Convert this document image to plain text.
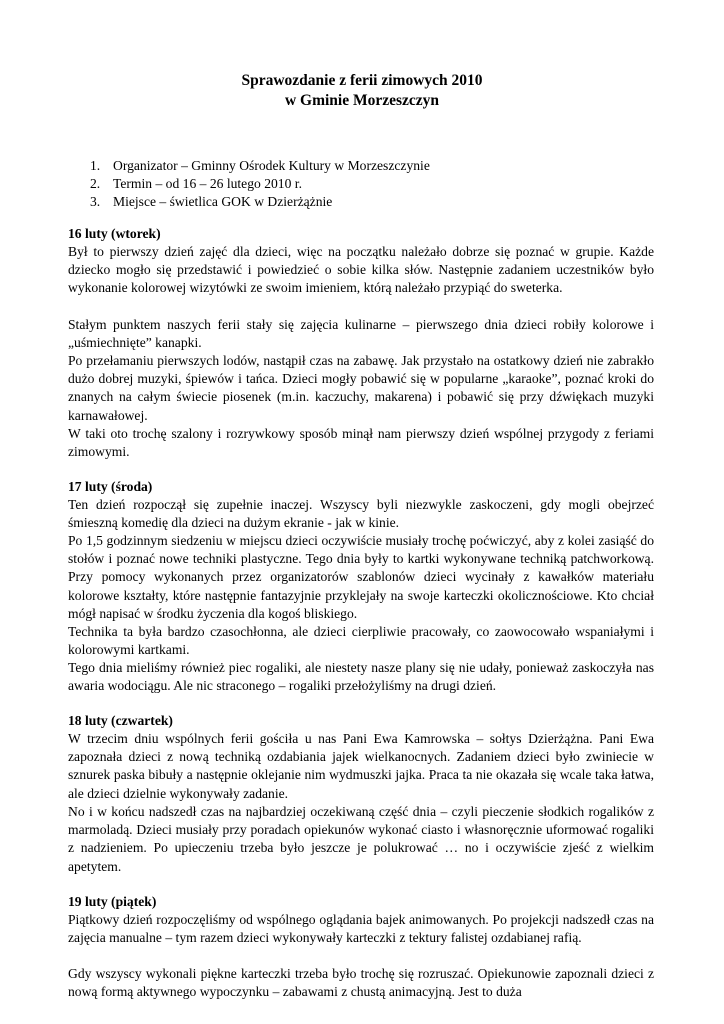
Sprawozdanie z ferii zimowych 2010
w Gminie Morzeszczyn
1. Organizator – Gminny Ośrodek Kultury w Morzeszczynie
2. Termin – od 16 – 26 lutego 2010 r.
3. Miejsce – świetlica GOK w Dzierżążnie
16 luty (wtorek)

Był to pierwszy dzień zajęć dla dzieci, więc na początku należało dobrze się poznać w grupie. Każde dziecko mogło się przedstawić i powiedzieć o sobie kilka słów. Następnie zadaniem uczestników było wykonanie kolorowej wizytówki ze swoim imieniem, którą należało przypiąć do sweterka.

Stałym punktem naszych ferii stały się zajęcia kulinarne – pierwszego dnia dzieci robiły kolorowe i „uśmiechnięte” kanapki.

Po przełamaniu pierwszych lodów, nastąpił czas na zabawę. Jak przystało na ostatkowy dzień nie zabrakło dużo dobrej muzyki, śpiewów i tańca. Dzieci mogły pobawić się w popularne „karaoke”, poznać kroki do znanych na całym świecie piosenek (m.in. kaczuchy, makarena) i pobawić się przy dźwiękach muzyki karnawałowej.

W taki oto trochę szalony i rozrywkowy sposób minął nam pierwszy dzień wspólnej przygody z feriami zimowymi.

17 luty (środa)

Ten dzień rozpoczął się zupełnie inaczej. Wszyscy byli niezwykle zaskoczeni, gdy mogli obejrzeć śmieszną komedię dla dzieci na dużym ekranie - jak w kinie.

Po 1,5 godzinnym siedzeniu w miejscu dzieci oczywiście musiały trochę poćwiczyć, aby z kolei zasiąść do stołów i poznać nowe techniki plastyczne. Tego dnia były to kartki wykonywane techniką patchworkową. Przy pomocy wykonanych przez organizatorów szablonów dzieci wycinały z kawałków materiału kolorowe kształty, które następnie fantazyjnie przyklejały na swoje karteczki okolicznościowe. Kto chciał mógł napisać w środku życzenia dla kogoś bliskiego.

Technika ta była bardzo czasochłonna, ale dzieci cierpliwie pracowały, co zaowocowało wspaniałymi i kolorowymi kartkami.

Tego dnia mieliśmy również piec rogaliki, ale niestety nasze plany się nie udały, ponieważ zaskoczyła nas awaria wodociągu. Ale nic straconego – rogaliki przełożyliśmy na drugi dzień.

18 luty (czwartek)

W trzecim dniu wspólnych ferii gościła u nas Pani Ewa Kamrowska – sołtys Dzierżążna. Pani Ewa zapoznała dzieci z nową techniką ozdabiania jajek wielkanocnych. Zadaniem dzieci było zwiniecie w sznurek paska bibuły a następnie oklejanie nim wydmuszki jajka. Praca ta nie okazała się wcale taka łatwa, ale dzieci dzielnie wykonywały zadanie.

No i w końcu nadszedł czas na najbardziej oczekiwaną część dnia – czyli pieczenie słodkich rogalików z marmoladą. Dzieci musiały przy poradach opiekunów wykonać ciasto i własnoręcznie uformować rogaliki z nadzieniem. Po upieczeniu trzeba było jeszcze je polukrować … no i oczywiście zjeść z wielkim apetytem.

19 luty (piątek)

Piątkowy dzień rozpoczęliśmy od wspólnego oglądania bajek animowanych. Po projekcji nadszedł czas na zajęcia manualne – tym razem dzieci wykonywały karteczki z tektury falistej ozdabianej rafią.

Gdy wszyscy wykonali piękne karteczki trzeba było trochę się rozruszać. Opiekunowie zapoznali dzieci z nową formą aktywnego wypoczynku – zabawami z chustą animacyjną. Jest to duża
